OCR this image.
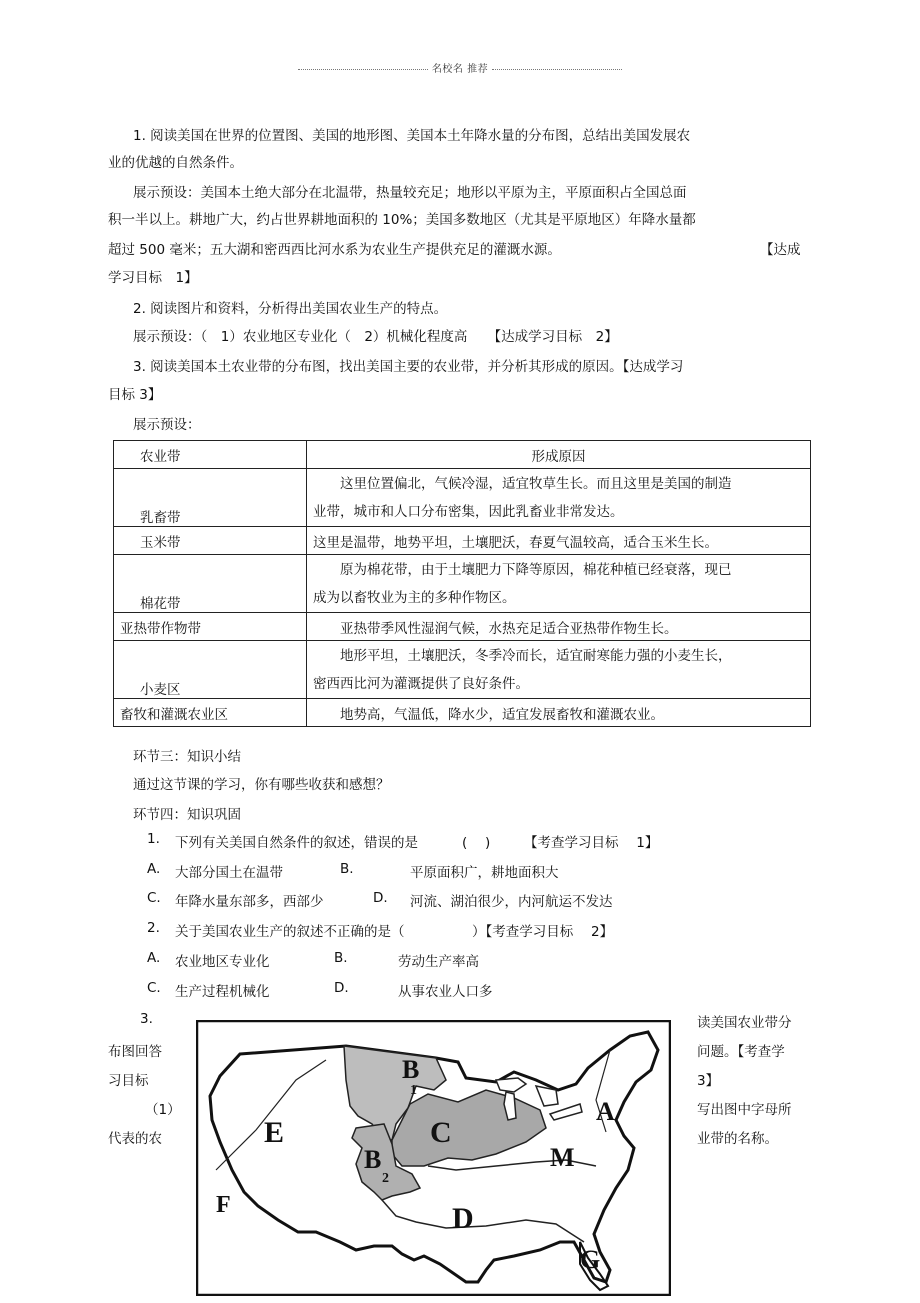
名校名 推荐
1. 阅读美国在世界的位置图、美国的地形图、美国本土年降水量的分布图，总结出美国发展农
业的优越的自然条件。
展示预设：美国本土绝大部分在北温带，热量较充足；地形以平原为主，平原面积占全国总面
积一半以上。耕地广大，约占世界耕地面积的 10%；美国多数地区（尤其是平原地区）年降水量都
超过 500 毫米；五大湖和密西西比河水系为农业生产提供充足的灌溉水源。	【达成
学习目标　1】
2. 阅读图片和资料，分析得出美国农业生产的特点。
展示预设：（　1）农业地区专业化（　2）机械化程度高　　【达成学习目标　2】
3. 阅读美国本土农业带的分布图，找出美国主要的农业带，并分析其形成的原因。【达成学习
目标 3】
展示预设：
农业带	形成原因
乳畜带	　　这里位置偏北，气候冷湿，适宜牧草生长。而且这里是美国的制造
业带，城市和人口分布密集，因此乳畜业非常发达。

玉米带	这里是温带，地势平坦，土壤肥沃，春夏气温较高，适合玉米生长。
棉花带	　　原为棉花带，由于土壤肥力下降等原因，棉花种植已经衰落，现已
成为以畜牧业为主的多种作物区。

亚热带作物带	　　亚热带季风性湿润气候，水热充足适合亚热带作物生长。
小麦区	　　地形平坦，土壤肥沃，冬季冷而长，适宜耐寒能力强的小麦生长，
密西西比河为灌溉提供了良好条件。

畜牧和灌溉农业区	　　地势高，气温低，降水少，适宜发展畜牧和灌溉农业。
环节三：知识小结
通过这节课的学习，你有哪些收获和感想？
环节四：知识巩固
1. 下列有关美国自然条件的叙述，错误的是	(　 ) 【考查学习目标　 1】
A. 大部分国土在温带	B.	平原面积广，耕地面积大
C. 年降水量东部多，西部少	D. 河流、湖泊很少，内河航运不发达
2. 关于美国农业生产的叙述不正确的是（　　　　　）【考查学习目标　 2】
A. 农业地区专业化	B.	劳动生产率高
C. 生产过程机械化	D.	从事农业人口多
3.
布图回答
习目标
（1）
代表的农
读美国农业带分
问题。【考查学
3】
写出图中字母所
业带的名称。
B
1
C
B
2
E
F	D
M
A
G
